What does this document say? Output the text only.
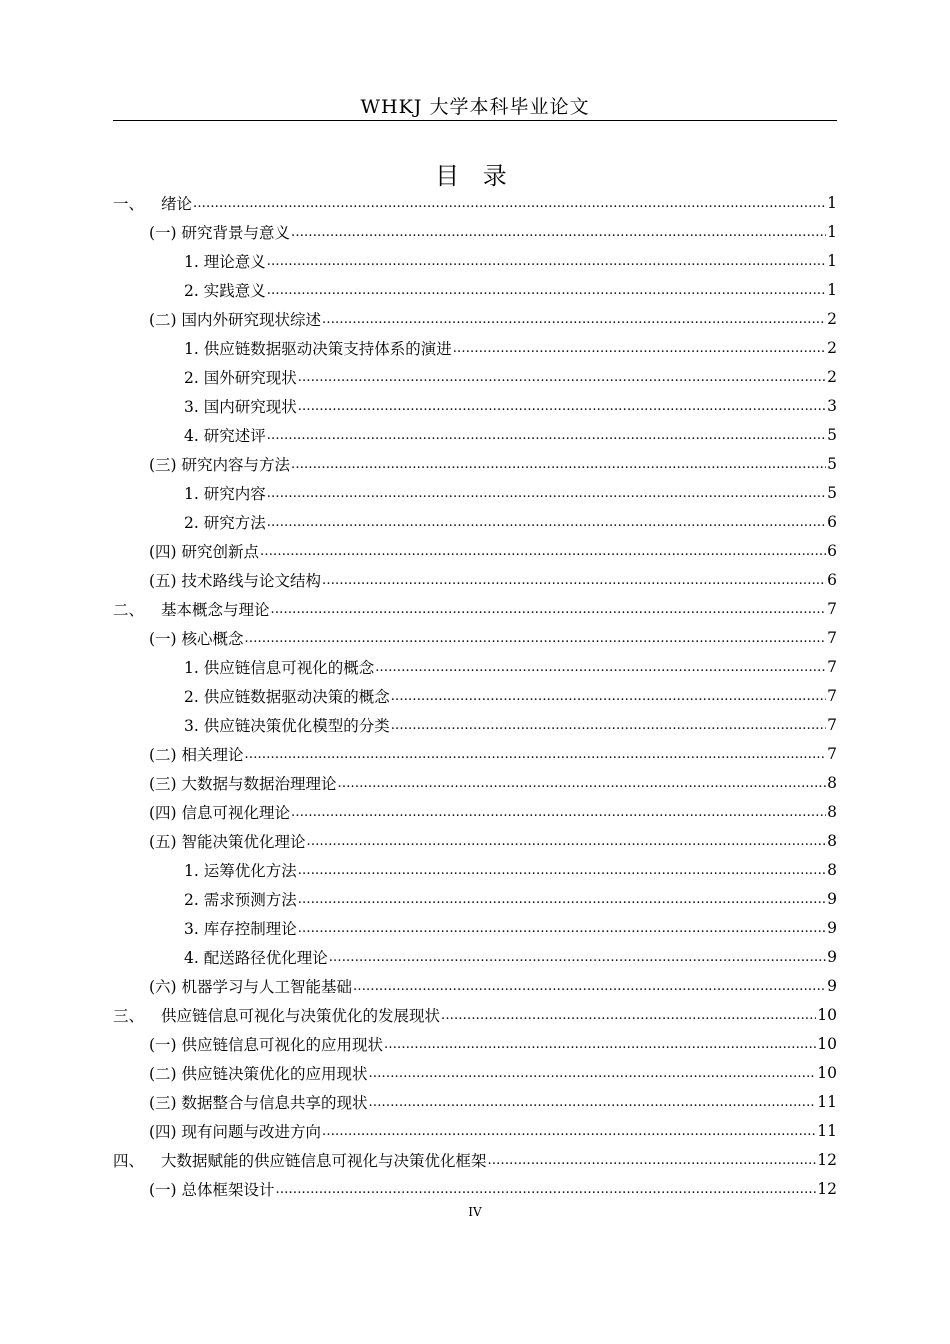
WHKJ 大学本科毕业论文
目 录
一、	绪论 .....	1
(一) 研究背景与意义 .....	1
1. 理论意义 .....	1
2. 实践意义 .....	1
(二) 国内外研究现状综述 .....	2
1. 供应链数据驱动决策支持体系的演进 .....	2
2. 国外研究现状 .....	2
3. 国内研究现状 .....	3
4. 研究述评 .....	5
(三) 研究内容与方法 .....	5
1. 研究内容 .....	5
2. 研究方法 .....	6
(四) 研究创新点 .....	6
(五) 技术路线与论文结构 .....	6
二、	基本概念与理论 .....	7
(一) 核心概念 .....	7
1. 供应链信息可视化的概念 .....	7
2. 供应链数据驱动决策的概念 .....	7
3. 供应链决策优化模型的分类 .....	7
(二) 相关理论 .....	7
(三) 大数据与数据治理理论 .....	8
(四) 信息可视化理论 .....	8
(五) 智能决策优化理论 .....	8
1. 运筹优化方法 .....	8
2. 需求预测方法 .....	9
3. 库存控制理论 .....	9
4. 配送路径优化理论 .....	9
(六) 机器学习与人工智能基础 .....	9
三、	供应链信息可视化与决策优化的发展现状 .....	10
(一) 供应链信息可视化的应用现状 .....	10
(二) 供应链决策优化的应用现状 .....	10
(三) 数据整合与信息共享的现状 .....	11
(四) 现有问题与改进方向 .....	11
四、	大数据赋能的供应链信息可视化与决策优化框架 .....	12
(一) 总体框架设计 .....	12
IV
